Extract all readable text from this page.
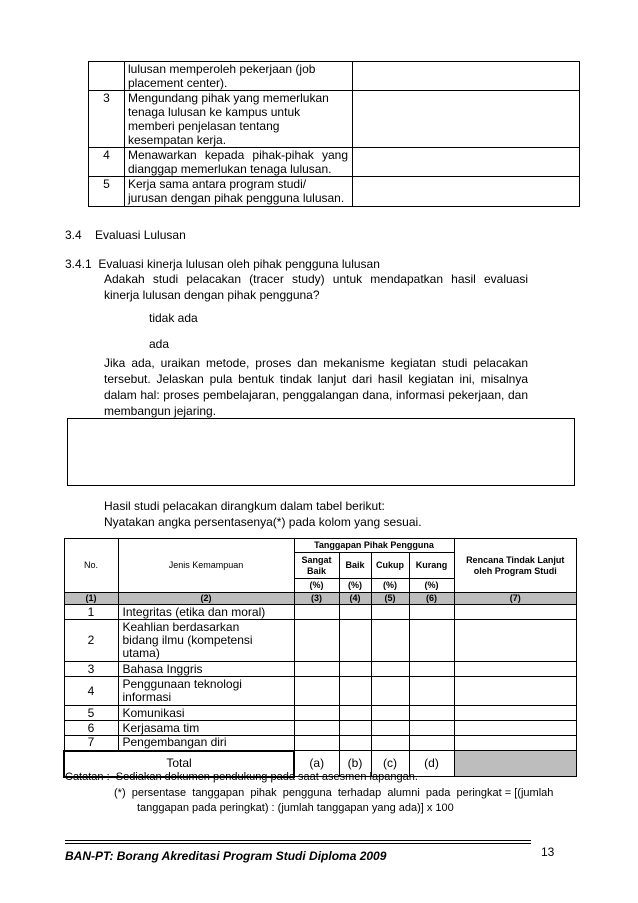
	lulusan memperoleh pekerjaan (job placement center).	
3	Mengundang pihak yang memerlukan tenaga lulusan ke kampus untuk memberi penjelasan tentang kesempatan kerja.	
4	Menawarkan kepada pihak-pihak yang dianggap memerlukan tenaga lulusan.	
5	Kerja sama antara program studi/ jurusan dengan pihak pengguna lulusan.	
3.4    Evaluasi Lulusan
3.4.1  Evaluasi kinerja lulusan oleh pihak pengguna lulusan
Adakah studi pelacakan (tracer study) untuk mendapatkan hasil evaluasi kinerja lulusan dengan pihak pengguna?
tidak ada
ada
Jika ada, uraikan metode, proses dan mekanisme kegiatan studi pelacakan tersebut. Jelaskan pula bentuk tindak lanjut dari hasil kegiatan ini, misalnya dalam hal: proses pembelajaran, penggalangan dana, informasi pekerjaan, dan membangun jejaring.
Hasil studi pelacakan dirangkum dalam tabel berikut:
Nyatakan angka persentasenya(*) pada kolom yang sesuai.
No.	Jenis Kemampuan	Tanggapan Pihak Pengguna				Rencana Tindak Lanjut oleh Program Studi
		Sangat Baik	Baik	Cukup	Kurang	
		(%)	(%)	(%)	(%)	
(1)	(2)	(3)	(4)	(5)	(6)	(7)
1	Integritas (etika dan moral)					
2	Keahlian berdasarkan bidang ilmu (kompetensi utama)					
3	Bahasa Inggris					
4	Penggunaan teknologi informasi					
5	Komunikasi					
6	Kerjasama tim					
7	Pengembangan diri					
Total		(a)	(b)	(c)	(d)	
Catatan :  Sediakan dokumen pendukung pada saat asesmen lapangan.
(*)  persentase  tanggapan  pihak  pengguna  terhadap  alumni  pada  peringkat = [(jumlah
tanggapan pada peringkat) : (jumlah tanggapan yang ada)] x 100
BAN-PT: Borang Akreditasi Program Studi Diploma 2009	13
